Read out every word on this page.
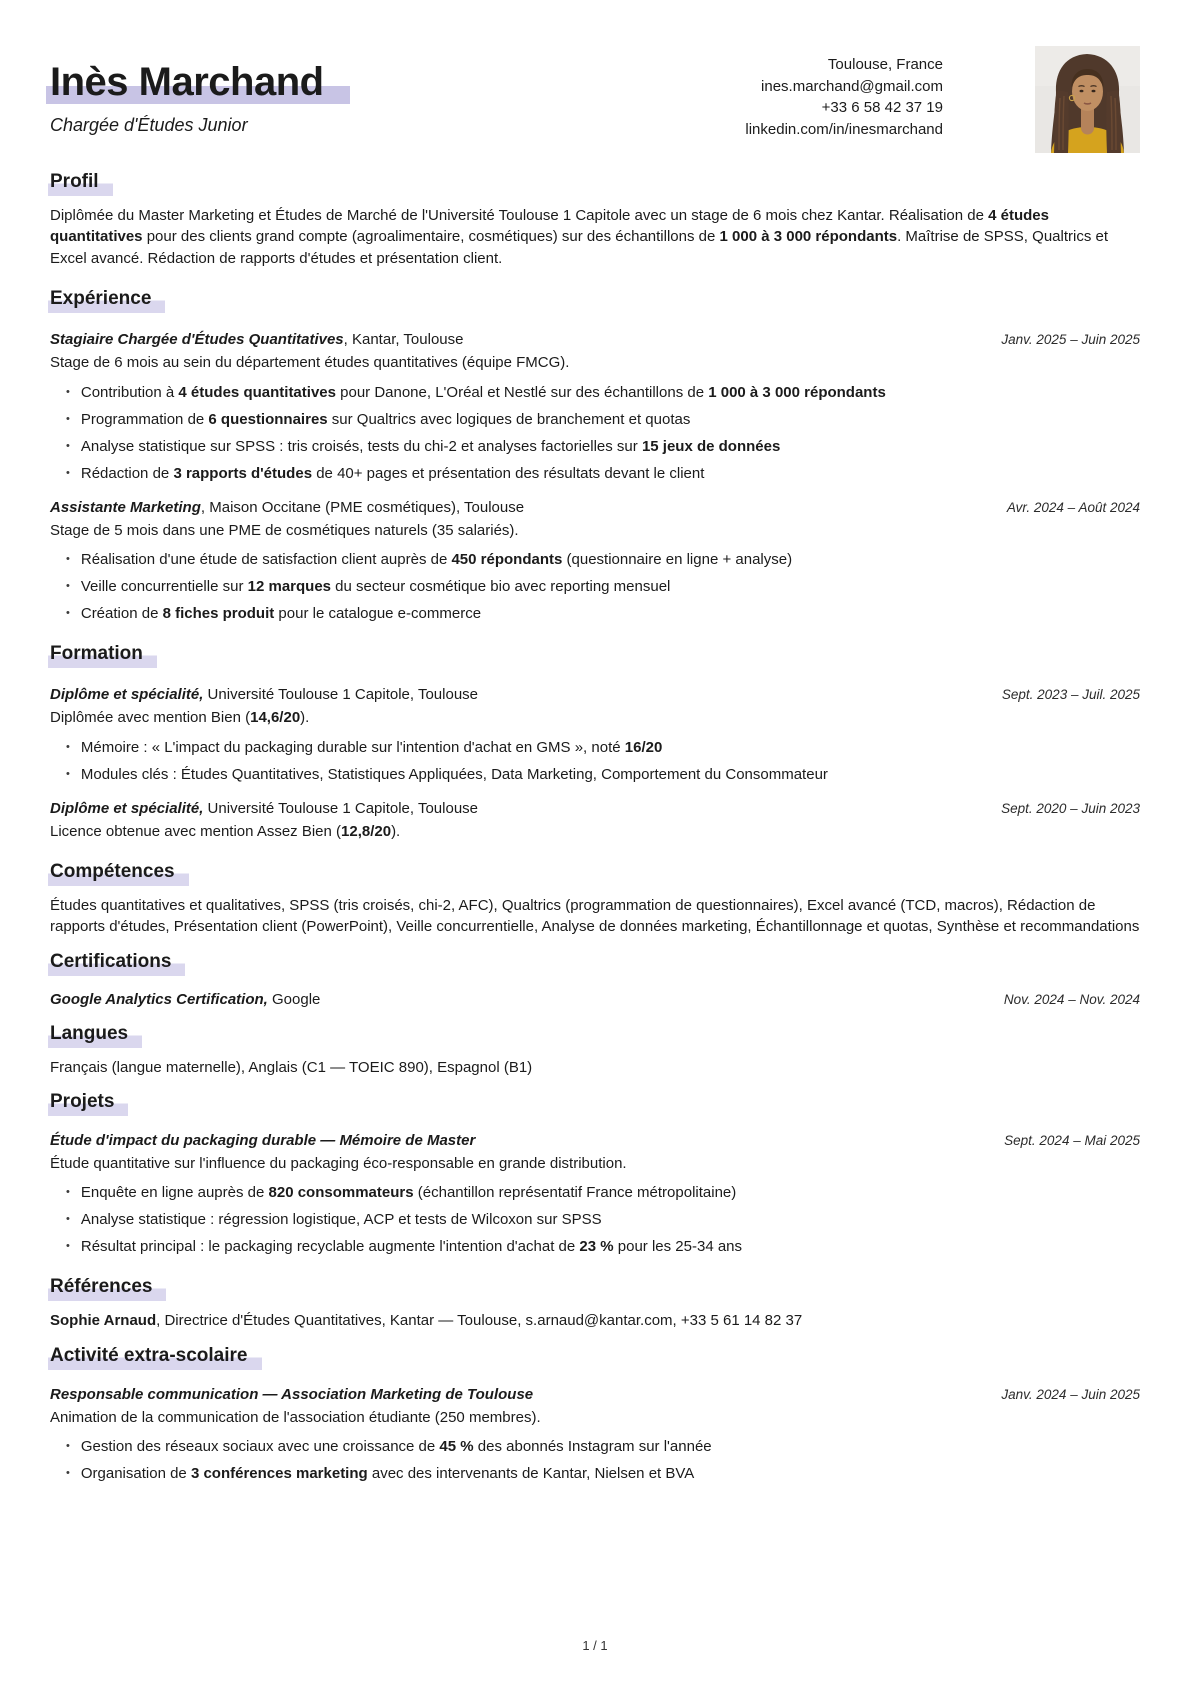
Inès Marchand
Chargée d'Études Junior
Toulouse, France
ines.marchand@gmail.com
+33 6 58 42 37 19
linkedin.com/in/inesmarchand
Profil

Diplômée du Master Marketing et Études de Marché de l'Université Toulouse 1 Capitole avec un stage de 6 mois chez Kantar. Réalisation de 4 études quantitatives pour des clients grand compte (agroalimentaire, cosmétiques) sur des échantillons de 1 000 à 3 000 répondants. Maîtrise de SPSS, Qualtrics et Excel avancé. Rédaction de rapports d'études et présentation client.

Expérience
Stagiaire Chargée d'Études Quantitatives, Kantar, Toulouse	Janv. 2025 – Juin 2025
Stage de 6 mois au sein du département études quantitatives (équipe FMCG).
• Contribution à 4 études quantitatives pour Danone, L'Oréal et Nestlé sur des échantillons de 1 000 à 3 000 répondants
• Programmation de 6 questionnaires sur Qualtrics avec logiques de branchement et quotas
• Analyse statistique sur SPSS : tris croisés, tests du chi-2 et analyses factorielles sur 15 jeux de données
• Rédaction de 3 rapports d'études de 40+ pages et présentation des résultats devant le client
Assistante Marketing, Maison Occitane (PME cosmétiques), Toulouse	Avr. 2024 – Août 2024
Stage de 5 mois dans une PME de cosmétiques naturels (35 salariés).
• Réalisation d'une étude de satisfaction client auprès de 450 répondants (questionnaire en ligne + analyse)
• Veille concurrentielle sur 12 marques du secteur cosmétique bio avec reporting mensuel
• Création de 8 fiches produit pour le catalogue e-commerce
Formation
Diplôme et spécialité, Université Toulouse 1 Capitole, Toulouse	Sept. 2023 – Juil. 2025
Diplômée avec mention Bien (14,6/20).
• Mémoire : « L'impact du packaging durable sur l'intention d'achat en GMS », noté 16/20
• Modules clés : Études Quantitatives, Statistiques Appliquées, Data Marketing, Comportement du Consommateur
Diplôme et spécialité, Université Toulouse 1 Capitole, Toulouse	Sept. 2020 – Juin 2023
Licence obtenue avec mention Assez Bien (12,8/20).
Compétences

Études quantitatives et qualitatives, SPSS (tris croisés, chi-2, AFC), Qualtrics (programmation de questionnaires), Excel avancé (TCD, macros), Rédaction de rapports d'études, Présentation client (PowerPoint), Veille concurrentielle, Analyse de données marketing, Échantillonnage et quotas, Synthèse et recommandations

Certifications
Google Analytics Certification, Google	Nov. 2024 – Nov. 2024
Langues

Français (langue maternelle), Anglais (C1 — TOEIC 890), Espagnol (B1)

Projets
Étude d'impact du packaging durable — Mémoire de Master	Sept. 2024 – Mai 2025
Étude quantitative sur l'influence du packaging éco-responsable en grande distribution.
• Enquête en ligne auprès de 820 consommateurs (échantillon représentatif France métropolitaine)
• Analyse statistique : régression logistique, ACP et tests de Wilcoxon sur SPSS
• Résultat principal : le packaging recyclable augmente l'intention d'achat de 23 % pour les 25-34 ans
Références

Sophie Arnaud, Directrice d'Études Quantitatives, Kantar — Toulouse, s.arnaud@kantar.com, +33 5 61 14 82 37

Activité extra-scolaire
Responsable communication — Association Marketing de Toulouse	Janv. 2024 – Juin 2025
Animation de la communication de l'association étudiante (250 membres).
• Gestion des réseaux sociaux avec une croissance de 45 % des abonnés Instagram sur l'année
• Organisation de 3 conférences marketing avec des intervenants de Kantar, Nielsen et BVA
1 / 1
